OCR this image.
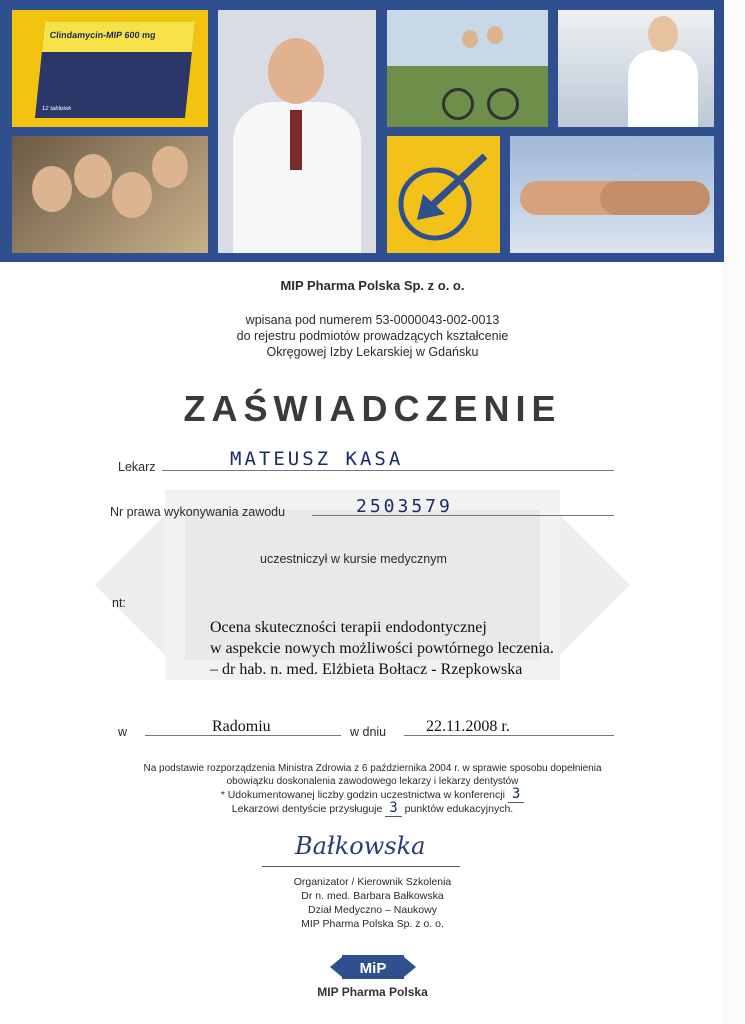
Clindamycin-MIP 600 mg
12 tabletek
MIP Pharma Polska Sp. z o. o.
wpisana pod numerem 53-0000043-002-0013
do rejestru podmiotów prowadzących kształcenie
Okręgowej Izby Lekarskiej w Gdańsku
ZAŚWIADCZENIE
Lekarz	MATEUSZ KASA
Nr prawa wykonywania zawodu	2503579
uczestniczył w kursie medycznym
nt:
Ocena skuteczności terapii endodontycznej
w aspekcie nowych możliwości powtórnego leczenia.
– dr hab. n. med. Elżbieta Bołtacz - Rzepkowska
w	Radomiu	w dniu 22.11.2008 r.
Na podstawie rozporządzenia Ministra Zdrowia z 6 października 2004 r. w sprawie sposobu dopełnienia
obowiązku doskonalenia zawodowego lekarzy i lekarzy dentystów
* Udokumentowanej liczby godzin uczestnictwa w konferencji 3
Lekarzowi dentyście przysługuje 3 punktów edukacyjnych.
Bałkowska
Organizator / Kierownik Szkolenia
Dr n. med. Barbara Bałkowska
Dział Medyczno – Naukowy
MIP Pharma Polska Sp. z o. o.
MiP
MIP Pharma Polska
